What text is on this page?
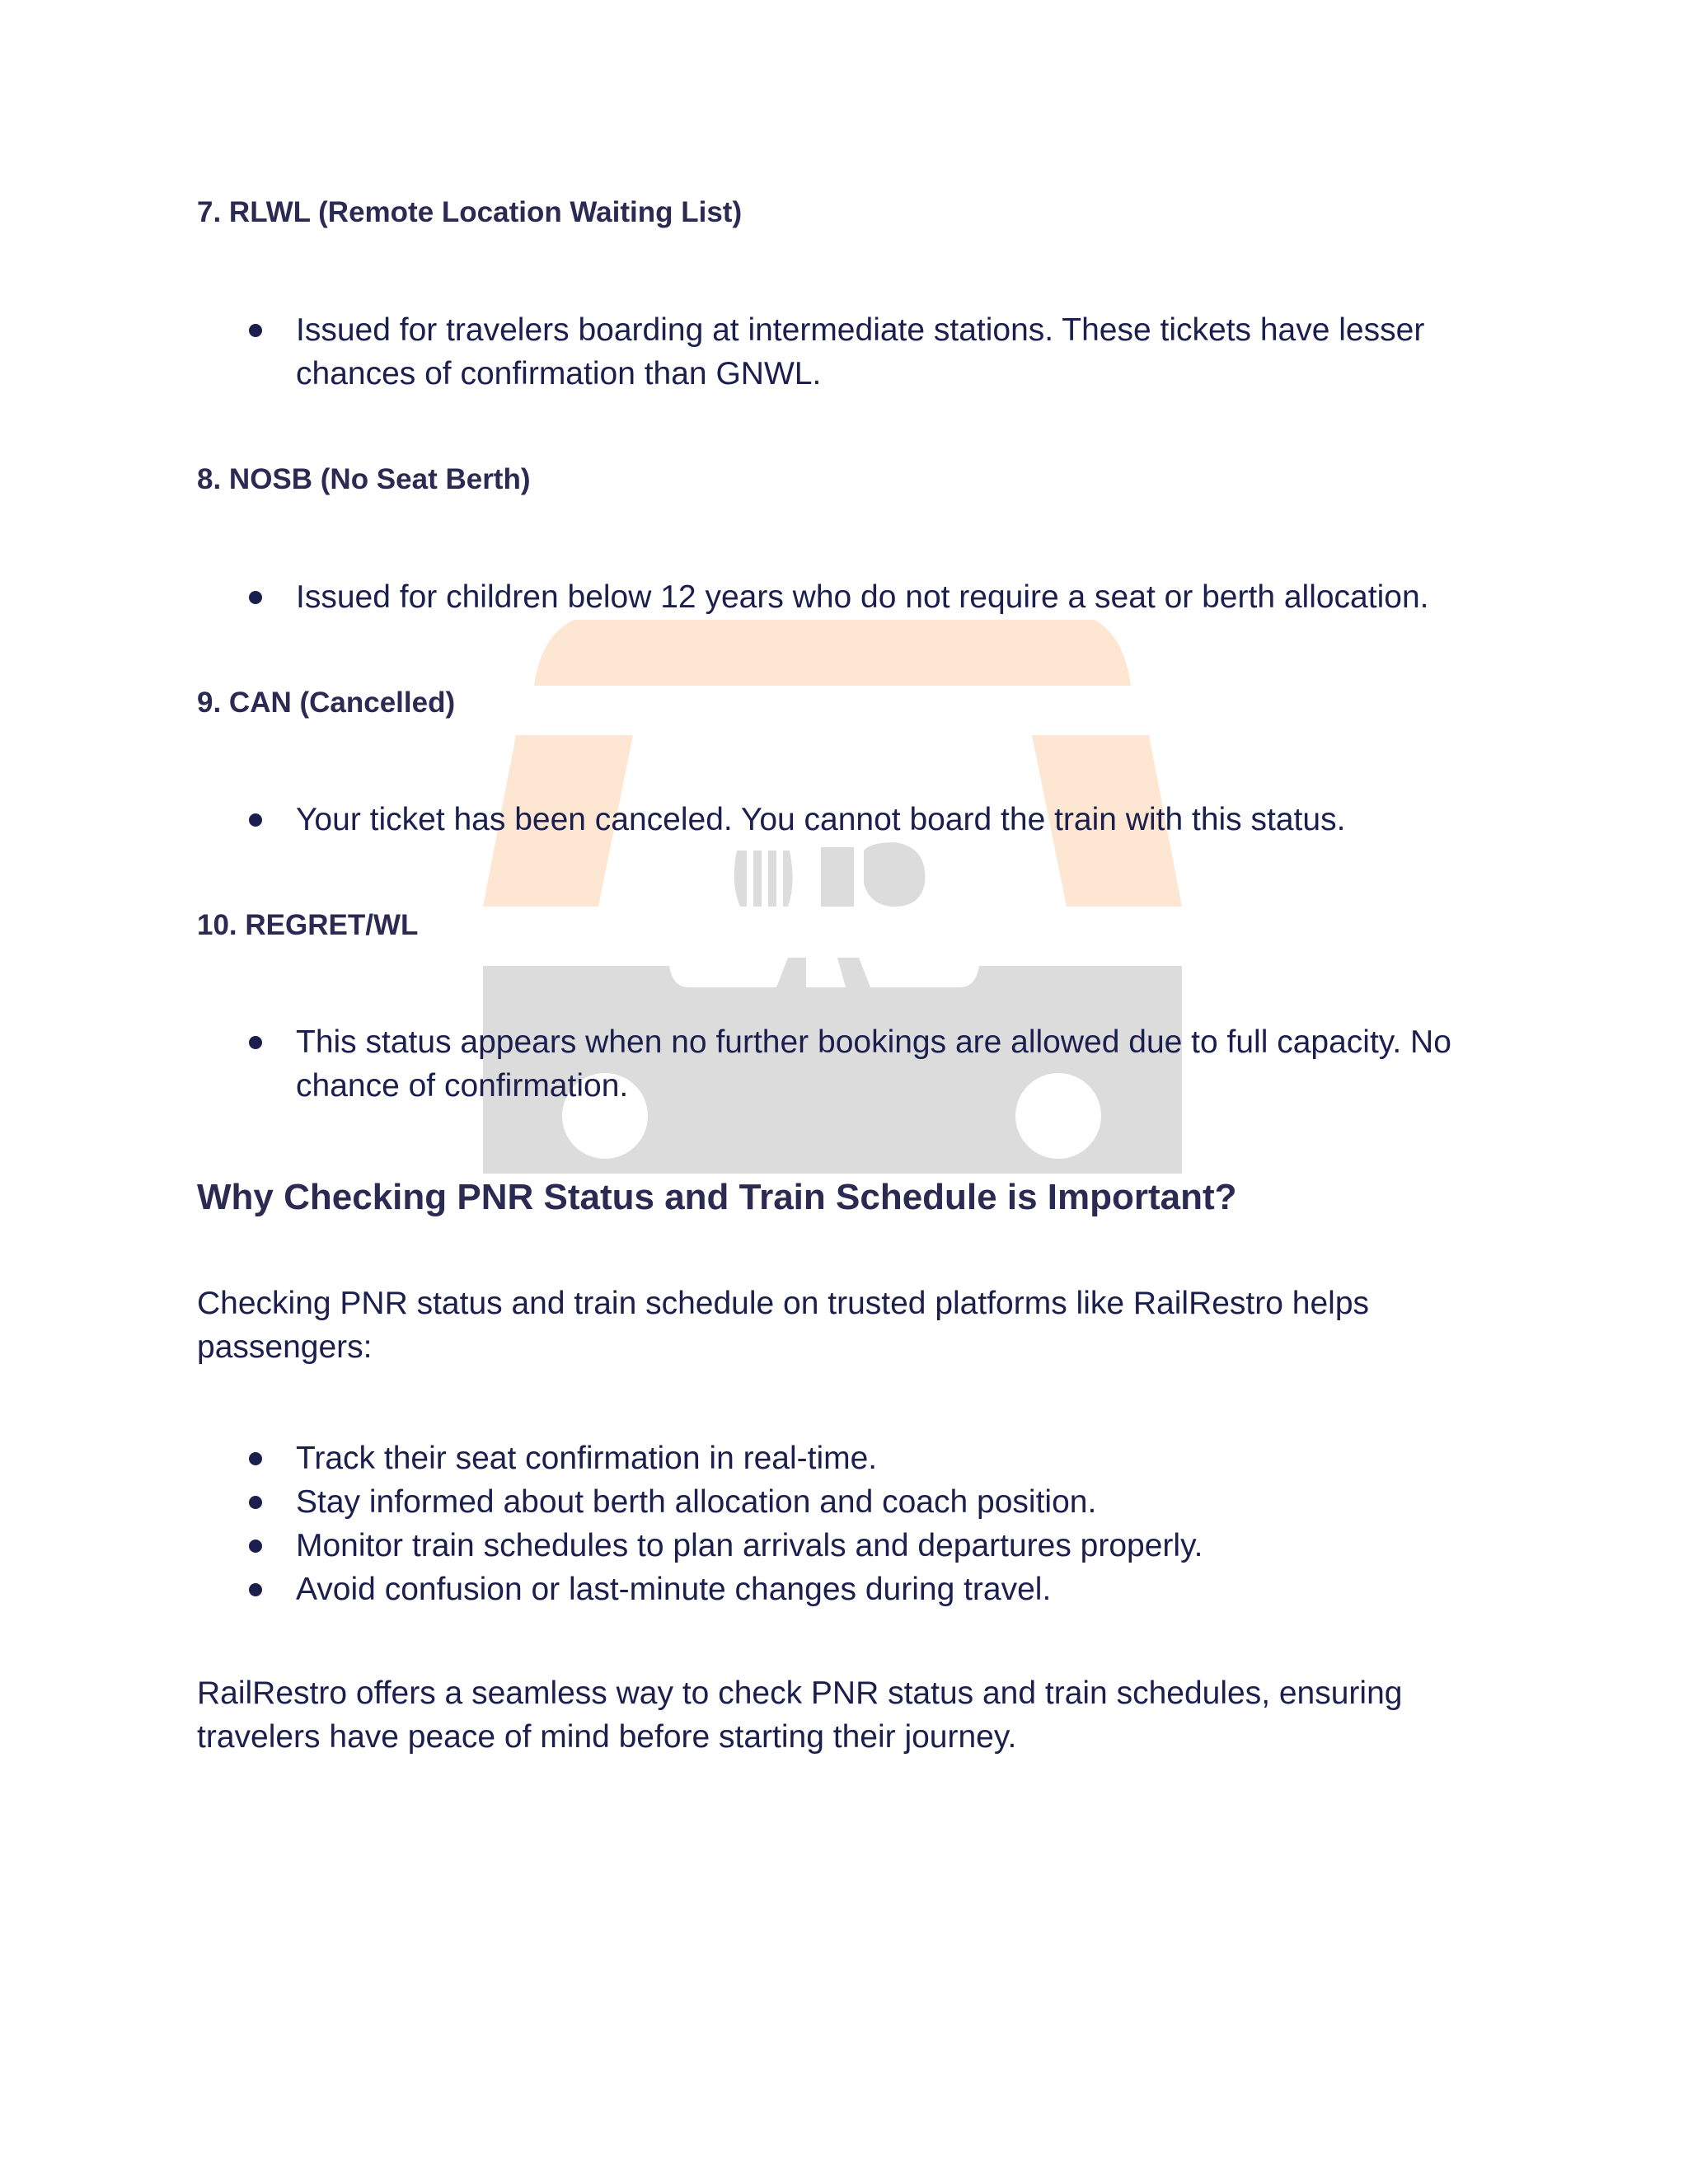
7. RLWL (Remote Location Waiting List)
Issued for travelers boarding at intermediate stations. These tickets have lesser chances of confirmation than GNWL.
8. NOSB (No Seat Berth)
Issued for children below 12 years who do not require a seat or berth allocation.
9. CAN (Cancelled)
Your ticket has been canceled. You cannot board the train with this status.
10. REGRET/WL
This status appears when no further bookings are allowed due to full capacity. No chance of confirmation.
Why Checking PNR Status and Train Schedule is Important?
Checking PNR status and train schedule on trusted platforms like RailRestro helps passengers:
Track their seat confirmation in real-time.
Stay informed about berth allocation and coach position.
Monitor train schedules to plan arrivals and departures properly.
Avoid confusion or last-minute changes during travel.
RailRestro offers a seamless way to check PNR status and train schedules, ensuring travelers have peace of mind before starting their journey.
